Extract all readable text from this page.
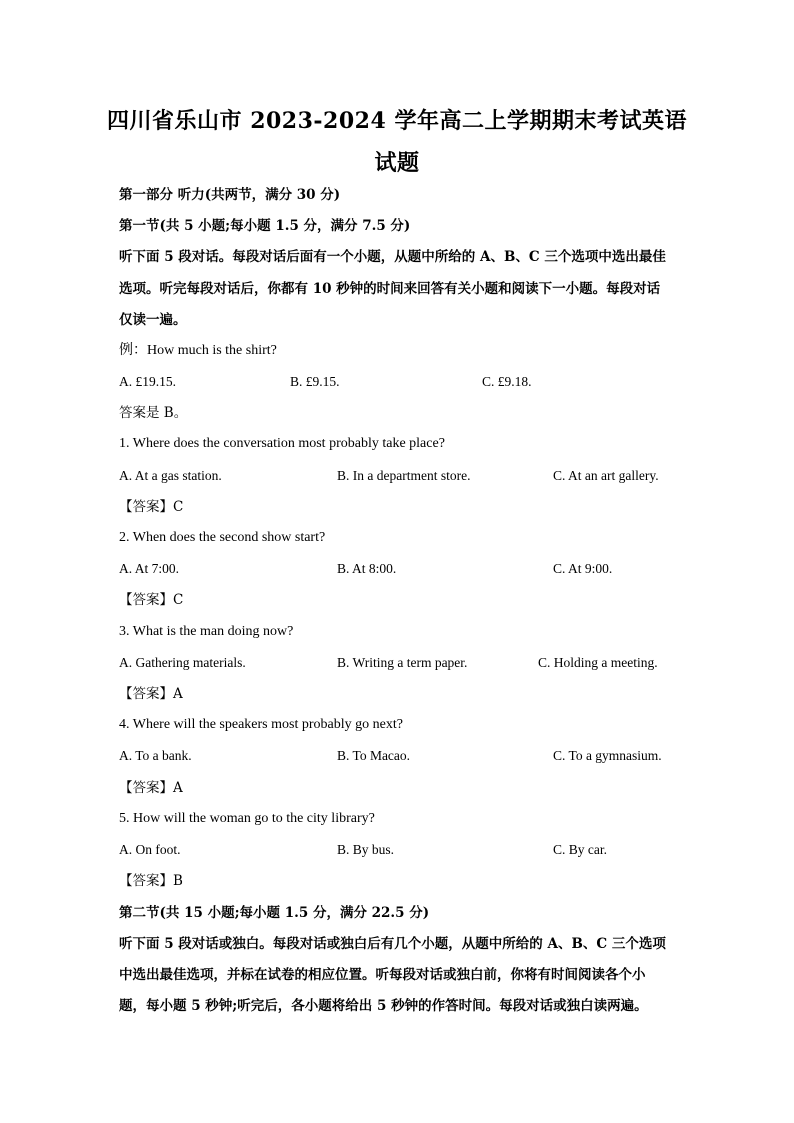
四川省乐山市 2023-2024 学年高二上学期期末考试英语
试题
第一部分 听力(共两节，满分 30 分)
第一节(共 5 小题;每小题 1.5 分，满分 7.5 分)
听下面 5 段对话。每段对话后面有一个小题，从题中所给的 A、B、C 三个选项中选出最佳
选项。听完每段对话后，你都有 10 秒钟的时间来回答有关小题和阅读下一小题。每段对话
仅读一遍。
例：How much is the shirt?
A. £19.15.	B. £9.15.	C. £9.18.
答案是 B。
1. Where does the conversation most probably take place?
A. At a gas station.	B. In a department store.	C. At an art gallery.
【答案】C
2. When does the second show start?
A. At 7:00.	B. At 8:00.	C. At 9:00.
【答案】C
3. What is the man doing now?
A. Gathering materials.	B. Writing a term paper.	C. Holding a meeting.
【答案】A
4. Where will the speakers most probably go next?
A. To a bank.	B. To Macao.	C. To a gymnasium.
【答案】A
5. How will the woman go to the city library?
A. On foot.	B. By bus.	C. By car.
【答案】B
第二节(共 15 小题;每小题 1.5 分，满分 22.5 分)
听下面 5 段对话或独白。每段对话或独白后有几个小题，从题中所给的 A、B、C 三个选项
中选出最佳选项，并标在试卷的相应位置。听每段对话或独白前，你将有时间阅读各个小
题，每小题 5 秒钟;听完后，各小题将给出 5 秒钟的作答时间。每段对话或独白读两遍。
